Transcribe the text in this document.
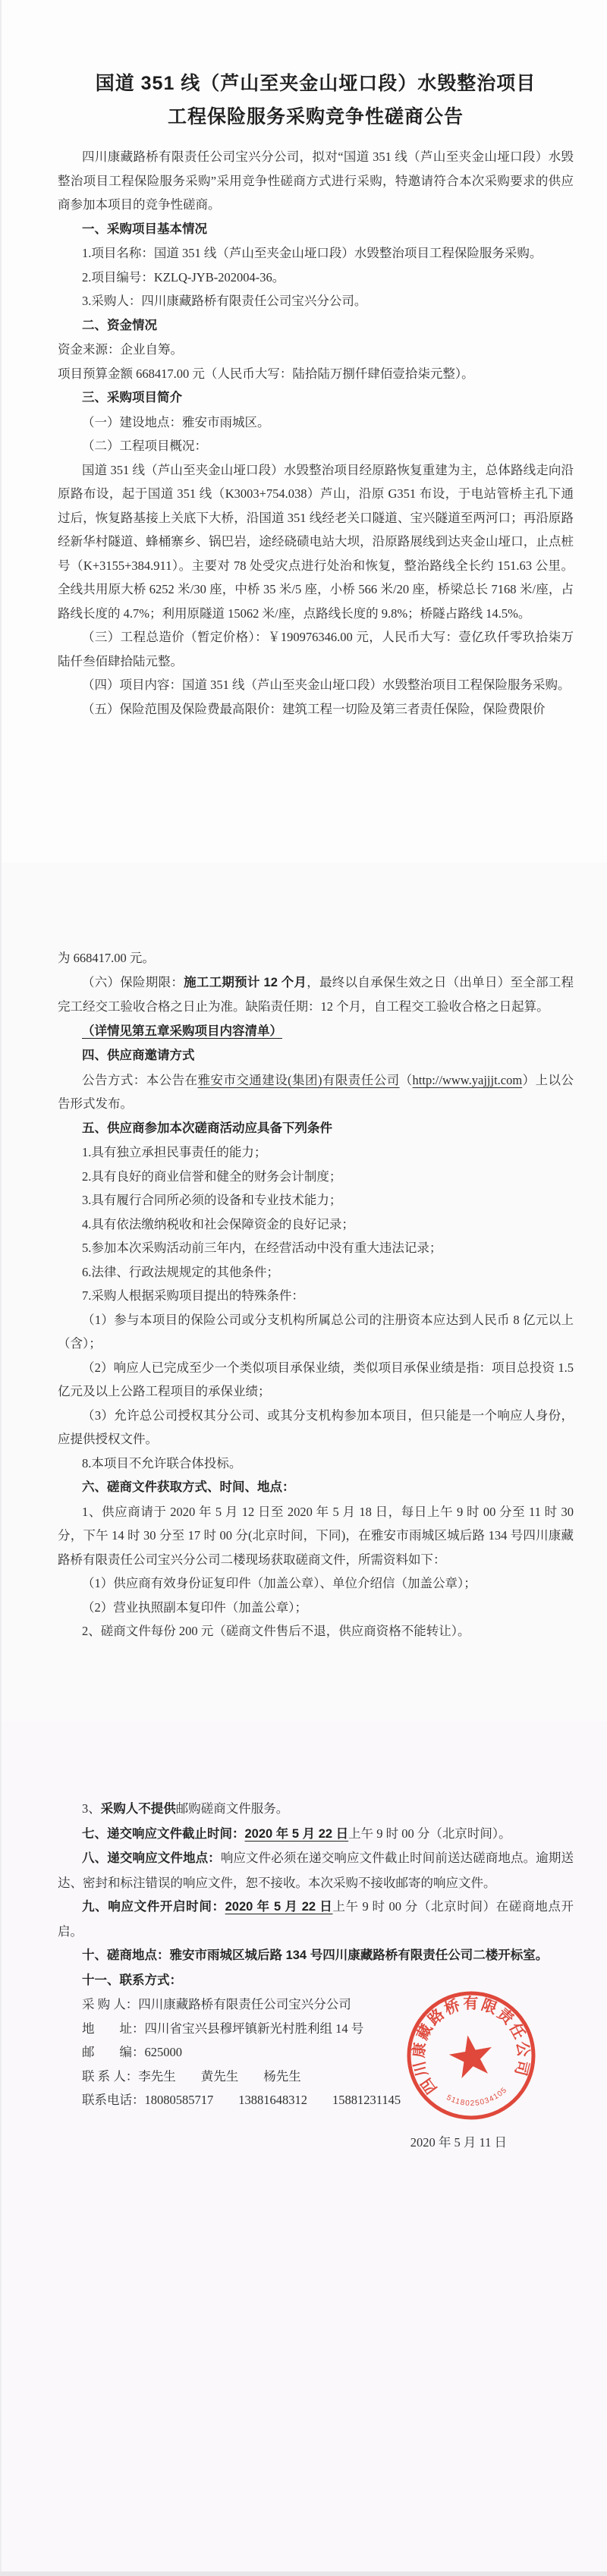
国道 351 线（芦山至夹金山垭口段）水毁整治项目

工程保险服务采购竞争性磋商公告

四川康藏路桥有限责任公司宝兴分公司，拟对“国道 351 线（芦山至夹金山垭口段）水毁整治项目工程保险服务采购”采用竞争性磋商方式进行采购，特邀请符合本次采购要求的供应商参加本项目的竞争性磋商。

一、采购项目基本情况

1.项目名称：国道 351 线（芦山至夹金山垭口段）水毁整治项目工程保险服务采购。

2.项目编号：KZLQ-JYB-202004-36。

3.采购人：四川康藏路桥有限责任公司宝兴分公司。

二、资金情况

资金来源：企业自筹。

项目预算金额 668417.00 元（人民币大写：陆拾陆万捌仟肆佰壹拾柒元整）。

三、采购项目简介

（一）建设地点：雅安市雨城区。

（二）工程项目概况：

国道 351 线（芦山至夹金山垭口段）水毁整治项目经原路恢复重建为主，总体路线走向沿原路布设，起于国道 351 线（K3003+754.038）芦山，沿原 G351 布设，于电站管桥主孔下通过后，恢复路基接上关底下大桥，沿国道 351 线经老关口隧道、宝兴隧道至两河口；再沿原路经新华村隧道、蜂桶寨乡、锅巴岩，途经硗碛电站大坝，沿原路展线到达夹金山垭口，止点桩号（K+3155+384.911）。主要对 78 处受灾点进行处治和恢复，整治路线全长约 151.63 公里。全线共用原大桥 6252 米/30 座，中桥 35 米/5 座，小桥 566 米/20 座，桥梁总长 7168 米/座，占路线长度的 4.7%；利用原隧道 15062 米/座，点路线长度的 9.8%；桥隧占路线 14.5%。

（三）工程总造价（暂定价格）：￥190976346.00 元，人民币大写：壹亿玖仟零玖拾柒万陆仟叁佰肆拾陆元整。

（四）项目内容：国道 351 线（芦山至夹金山垭口段）水毁整治项目工程保险服务采购。

（五）保险范围及保险费最高限价：建筑工程一切险及第三者责任保险，保险费限价

为 668417.00 元。

（六）保险期限：施工工期预计 12 个月，最终以自承保生效之日（出单日）至全部工程完工经交工验收合格之日止为准。缺陷责任期：12 个月，自工程交工验收合格之日起算。

（详情见第五章采购项目内容清单）

四、供应商邀请方式

公告方式：本公告在雅安市交通建设(集团)有限责任公司（http://www.yajjjt.com）上以公告形式发布。

五、供应商参加本次磋商活动应具备下列条件

1.具有独立承担民事责任的能力；

2.具有良好的商业信誉和健全的财务会计制度；

3.具有履行合同所必须的设备和专业技术能力；

4.具有依法缴纳税收和社会保障资金的良好记录；

5.参加本次采购活动前三年内，在经营活动中没有重大违法记录；

6.法律、行政法规规定的其他条件；

7.采购人根据采购项目提出的特殊条件：

（1）参与本项目的保险公司或分支机构所属总公司的注册资本应达到人民币 8 亿元以上 （含）；

（2）响应人已完成至少一个类似项目承保业绩，类似项目承保业绩是指：项目总投资 1.5 亿元及以上公路工程项目的承保业绩；

（3）允许总公司授权其分公司、或其分支机构参加本项目，但只能是一个响应人身份，应提供授权文件。

8.本项目不允许联合体投标。

六、磋商文件获取方式、时间、地点：

1、供应商请于 2020 年 5 月 12 日至 2020 年 5 月 18 日，每日上午 9 时 00 分至 11 时 30 分，下午 14 时 30 分至 17 时 00 分(北京时间，下同)，在雅安市雨城区城后路 134 号四川康藏路桥有限责任公司宝兴分公司二楼现场获取磋商文件，所需资料如下：

（1）供应商有效身份证复印件（加盖公章）、单位介绍信（加盖公章）；

（2）营业执照副本复印件（加盖公章）；

2、磋商文件每份 200 元（磋商文件售后不退，供应商资格不能转让）。

3、采购人不提供邮购磋商文件服务。

七、递交响应文件截止时间：2020 年 5 月 22 日上午 9 时 00 分（北京时间）。

八、递交响应文件地点：响应文件必须在递交响应文件截止时间前送达磋商地点。逾期送达、密封和标注错误的响应文件，恕不接收。本次采购不接收邮寄的响应文件。

九、响应文件开启时间：2020 年 5 月 22 日上午 9 时 00 分（北京时间）在磋商地点开启。

十、磋商地点：雅安市雨城区城后路 134 号四川康藏路桥有限责任公司二楼开标室。

十一、联系方式：

采 购 人：四川康藏路桥有限责任公司宝兴分公司

地　　址：四川省宝兴县穆坪镇新光村胜利组 14 号

邮　　编：625000

联 系 人：李先生　　黄先生　　杨先生

联系电话：18080585717　　13881648312　　15881231145

2020 年 5 月 11 日

四川康藏路桥有限责任公司
5118025034105
